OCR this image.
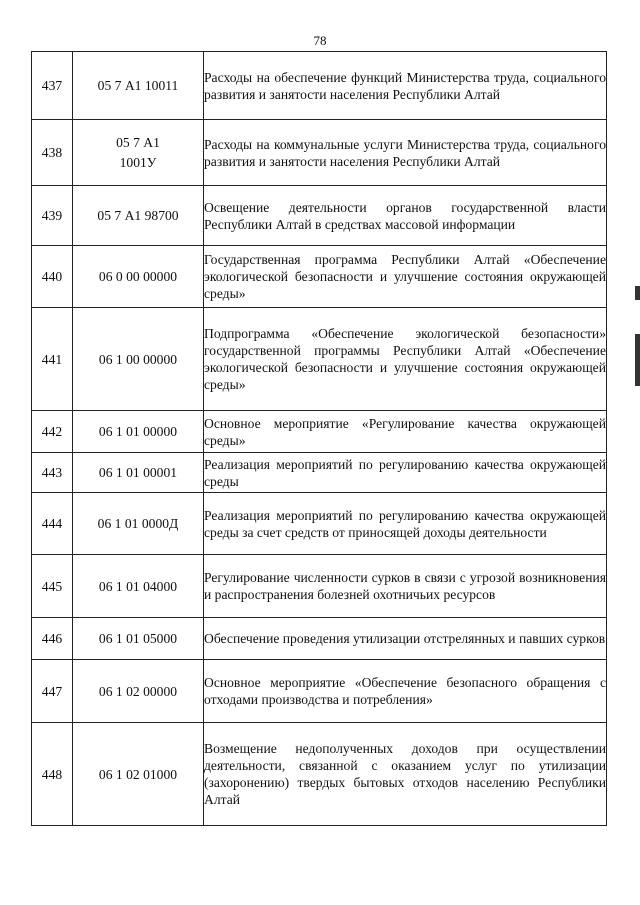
78
437	05 7 А1 10011	Расходы на обеспечение функций Министерства труда, социального развития и занятости населения Республики Алтай
438	05 7 А1 1001У	Расходы на коммунальные услуги Министерства труда, социального развития и занятости населения Республики Алтай
439	05 7 А1 98700	Освещение деятельности органов государственной власти Республики Алтай в средствах массовой информации
440	06 0 00 00000	Государственная программа Республики Алтай «Обеспечение экологической безопасности и улучшение состояния окружающей среды»
441	06 1 00 00000	Подпрограмма «Обеспечение экологической безопасности» государственной программы Республики Алтай «Обеспечение экологической безопасности и улучшение состояния окружающей среды»
442	06 1 01 00000	Основное мероприятие «Регулирование качества окружающей среды»
443	06 1 01 00001	Реализация мероприятий по регулированию качества окружающей среды
444	06 1 01 0000Д	Реализация мероприятий по регулированию качества окружающей среды за счет средств от приносящей доходы деятельности
445	06 1 01 04000	Регулирование численности сурков в связи с угрозой возникновения и распространения болезней охотничьих ресурсов
446	06 1 01 05000	Обеспечение проведения утилизации отстрелянных и павших сурков
447	06 1 02 00000	Основное мероприятие «Обеспечение безопасного обращения с отходами производства и потребления»
448	06 1 02 01000	Возмещение недополученных доходов при осуществлении деятельности, связанной с оказанием услуг по утилизации (захоронению) твердых бытовых отходов населению Республики Алтай
